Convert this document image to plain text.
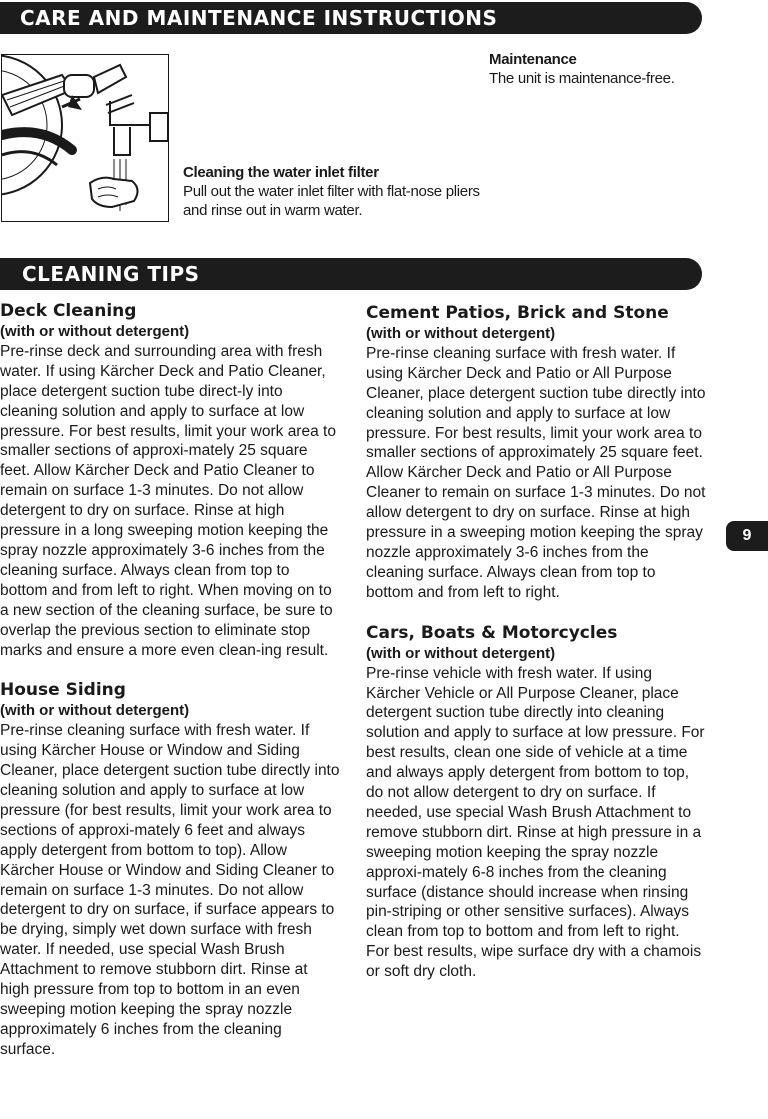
CARE AND MAINTENANCE INSTRUCTIONS
Maintenance
The unit is maintenance-free.
Cleaning the water inlet filter
Pull out the water inlet filter with flat-nose pliers and rinse out in warm water.
CLEANING TIPS
Deck Cleaning
(with or without detergent)
Pre-rinse deck and surrounding area with fresh water. If using Kärcher Deck and Patio Cleaner, place detergent suction tube direct-ly into cleaning solution and apply to surface at low pressure. For best results, limit your work area to smaller sections of approxi-mately 25 square feet. Allow Kärcher Deck and Patio Cleaner to remain on surface 1-3 minutes. Do not allow detergent to dry on surface. Rinse at high pressure in a long sweeping motion keeping the spray nozzle approximately 3-6 inches from the cleaning surface. Always clean from top to bottom and from left to right. When moving on to a new section of the cleaning surface, be sure to overlap the previous section to eliminate stop marks and ensure a more even clean-ing result.
House Siding
(with or without detergent)
Pre-rinse cleaning surface with fresh water. If using Kärcher House or Window and Siding Cleaner, place detergent suction tube directly into cleaning solution and apply to surface at low pressure (for best results, limit your work area to sections of approxi-mately 6 feet and always apply detergent from bottom to top). Allow Kärcher House or Window and Siding Cleaner to remain on surface 1-3 minutes. Do not allow detergent to dry on surface, if surface appears to be drying, simply wet down surface with fresh water. If needed, use special Wash Brush Attachment to remove stubborn dirt. Rinse at high pressure from top to bottom in an even sweeping motion keeping the spray nozzle approximately 6 inches from the cleaning surface.
Cement Patios, Brick and Stone
(with or without detergent)
Pre-rinse cleaning surface with fresh water. If using Kärcher Deck and Patio or All Purpose Cleaner, place detergent suction tube directly into cleaning solution and apply to surface at low pressure. For best results, limit your work area to smaller sections of approximately 25 square feet. Allow Kärcher Deck and Patio or All Purpose Cleaner to remain on surface 1-3 minutes. Do not allow detergent to dry on surface. Rinse at high pressure in a sweeping motion keeping the spray nozzle approximately 3-6 inches from the cleaning surface. Always clean from top to bottom and from left to right.
Cars, Boats & Motorcycles
(with or without detergent)
Pre-rinse vehicle with fresh water. If using Kärcher Vehicle or All Purpose Cleaner, place detergent suction tube directly into cleaning solution and apply to surface at low pressure. For best results, clean one side of vehicle at a time and always apply detergent from bottom to top, do not allow detergent to dry on surface. If needed, use special Wash Brush Attachment to remove stubborn dirt. Rinse at high pressure in a sweeping motion keeping the spray nozzle approxi-mately 6-8 inches from the cleaning surface (distance should increase when rinsing pin-striping or other sensitive surfaces). Always clean from top to bottom and from left to right. For best results, wipe surface dry with a chamois or soft dry cloth.
9
